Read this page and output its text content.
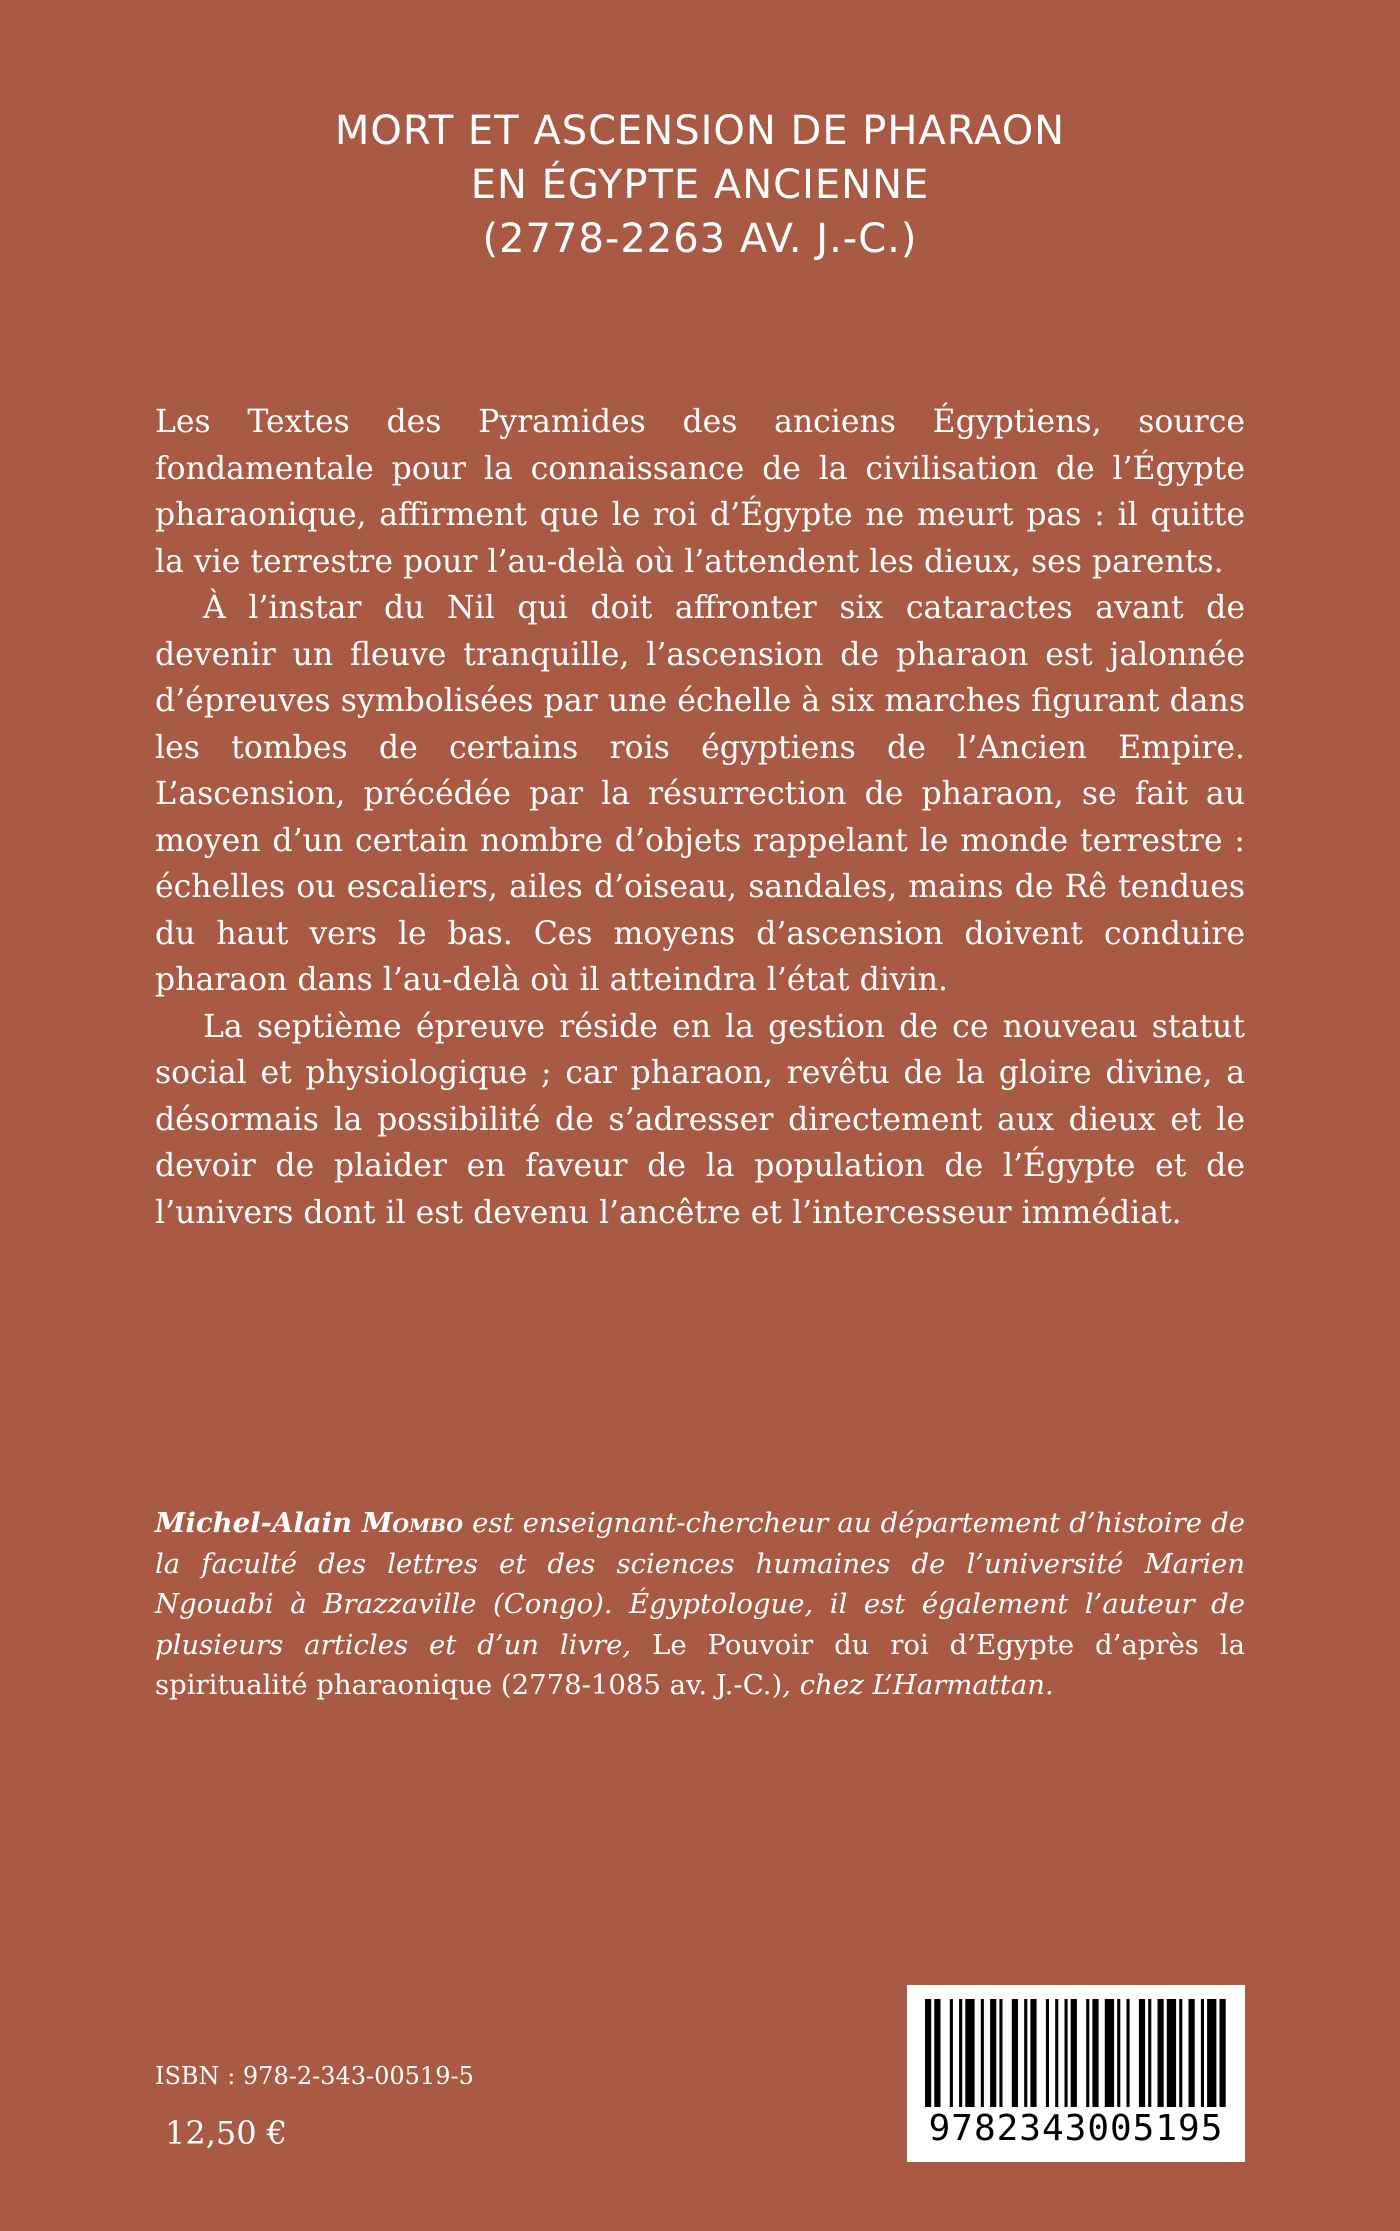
MORT ET ASCENSION DE PHARAON
EN ÉGYPTE ANCIENNE
(2778-2263 AV. J.-C.)

Les Textes des Pyramides des anciens Égyptiens, source fondamentale pour la connaissance de la civilisation de l’Égypte pharaonique, affirment que le roi d’Égypte ne meurt pas : il quitte la vie terrestre pour l’au-delà où l’attendent les dieux, ses parents.

À l’instar du Nil qui doit affronter six cataractes avant de devenir un fleuve tranquille, l’ascension de pharaon est jalonnée d’épreuves symbolisées par une échelle à six marches figurant dans les tombes de certains rois égyptiens de l’Ancien Empire. L’ascension, précédée par la résurrection de pharaon, se fait au moyen d’un certain nombre d’objets rappelant le monde terrestre : échelles ou escaliers, ailes d’oiseau, sandales, mains de Rê tendues du haut vers le bas. Ces moyens d’ascension doivent conduire pharaon dans l’au-delà où il atteindra l’état divin.

La septième épreuve réside en la gestion de ce nouveau statut social et physiologique ; car pharaon, revêtu de la gloire divine, a désormais la possibilité de s’adresser directement aux dieux et le devoir de plaider en faveur de la population de l’Égypte et de l’univers dont il est devenu l’ancêtre et l’intercesseur immédiat.

Michel-Alain Mombo est enseignant-chercheur au département d’histoire de la faculté des lettres et des sciences humaines de l’université Marien Ngouabi à Brazzaville (Congo). Égyptologue, il est également l’auteur de plusieurs articles et d’un livre, Le Pouvoir du roi d’Egypte d’après la spiritualité pharaonique (2778-1085 av. J.-C.), chez L’Harmattan.
ISBN : 978-2-343-00519-5
12,50 €	9782343005195
